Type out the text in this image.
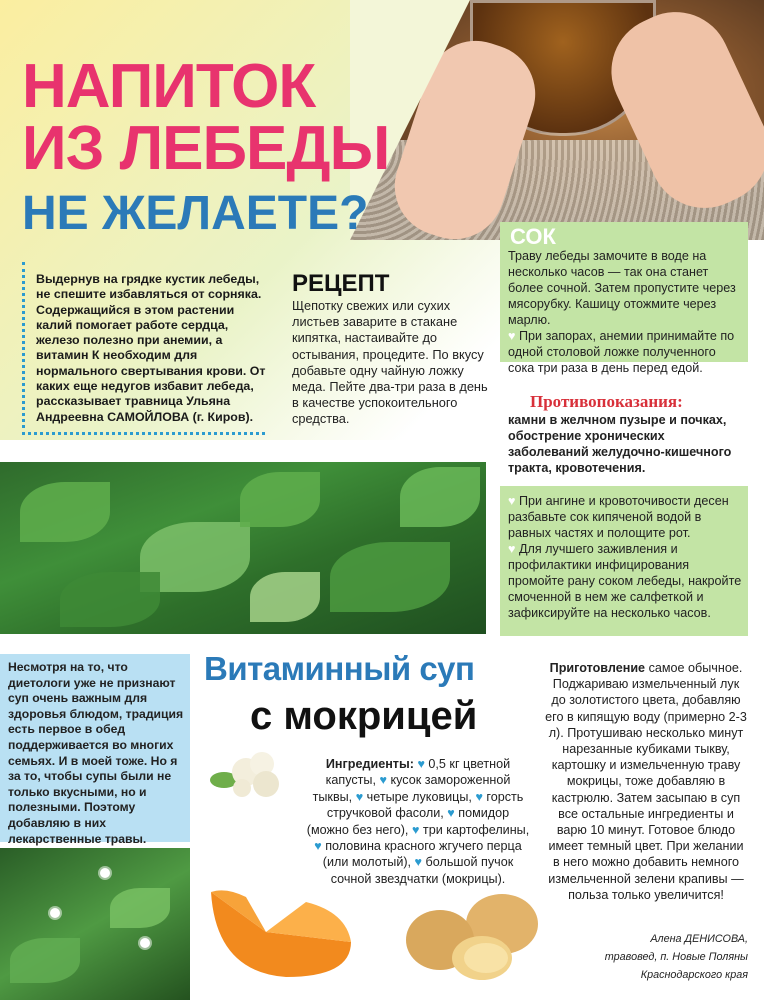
НАПИТОК
ИЗ ЛЕБЕДЫ
НЕ ЖЕЛАЕТЕ?
Выдернув на грядке кустик лебеды, не спешите избавляться от сорняка. Содержащийся в этом растении калий помогает работе сердца, железо полезно при анемии, а витамин К необходим для нормального свертывания крови. От каких еще недугов избавит лебеда, рассказывает травница Ульяна Андреевна САМОЙЛОВА (г. Киров).
РЕЦЕПТ
Щепотку свежих или сухих листьев заварите в стакане кипятка, настаивайте до остывания, процедите. По вкусу добавьте одну чайную ложку меда. Пейте два-три раза в день в качестве успокоительного средства.
СОК
Траву лебеды замочите в воде на несколько часов — так она станет более сочной. Затем пропустите через мясорубку. Кашицу отожмите через марлю.
♥ При запорах, анемии принимайте по одной столовой ложке полученного сока три раза в день перед едой.
Противопоказания:
камни в желчном пузыре и почках, обострение хронических заболеваний желудочно-кишечного тракта, кровотечения.
♥ При ангине и кровоточивости десен разбавьте сок кипяченой водой в равных частях и полощите рот.
♥ Для лучшего заживления и профилактики инфицирования промойте рану соком лебеды, накройте смоченной в нем же салфеткой и зафиксируйте на несколько часов.
Несмотря на то, что диетологи уже не признают суп очень важным для здоровья блюдом, традиция есть первое в обед поддерживается во многих семьях. И в моей тоже. Но я за то, чтобы супы были не только вкусными, но и полезными. Поэтому добавляю в них лекарственные травы.
Витаминный суп
с мокрицей
Ингредиенты: ♥ 0,5 кг цветной капусты, ♥ кусок замороженной тыквы, ♥ четыре луковицы, ♥ горсть стручковой фасоли, ♥ помидор (можно без него), ♥ три картофелины, ♥ половина красного жгучего перца (или молотый), ♥ большой пучок сочной звездчатки (мокрицы).
Приготовление самое обычное. Поджариваю измельченный лук до золотистого цвета, добавляю его в кипящую воду (примерно 2-3 л). Протушиваю несколько минут нарезанные кубиками тыкву, картошку и измельченную траву мокрицы, тоже добавляю в кастрюлю. Затем засыпаю в суп все остальные ингредиенты и варю 10 минут. Готовое блюдо имеет темный цвет. При желании в него можно добавить немного измельченной зелени крапивы — польза только увеличится!
Алена ДЕНИСОВА,
травовед, п. Новые Поляны
Краснодарского края
